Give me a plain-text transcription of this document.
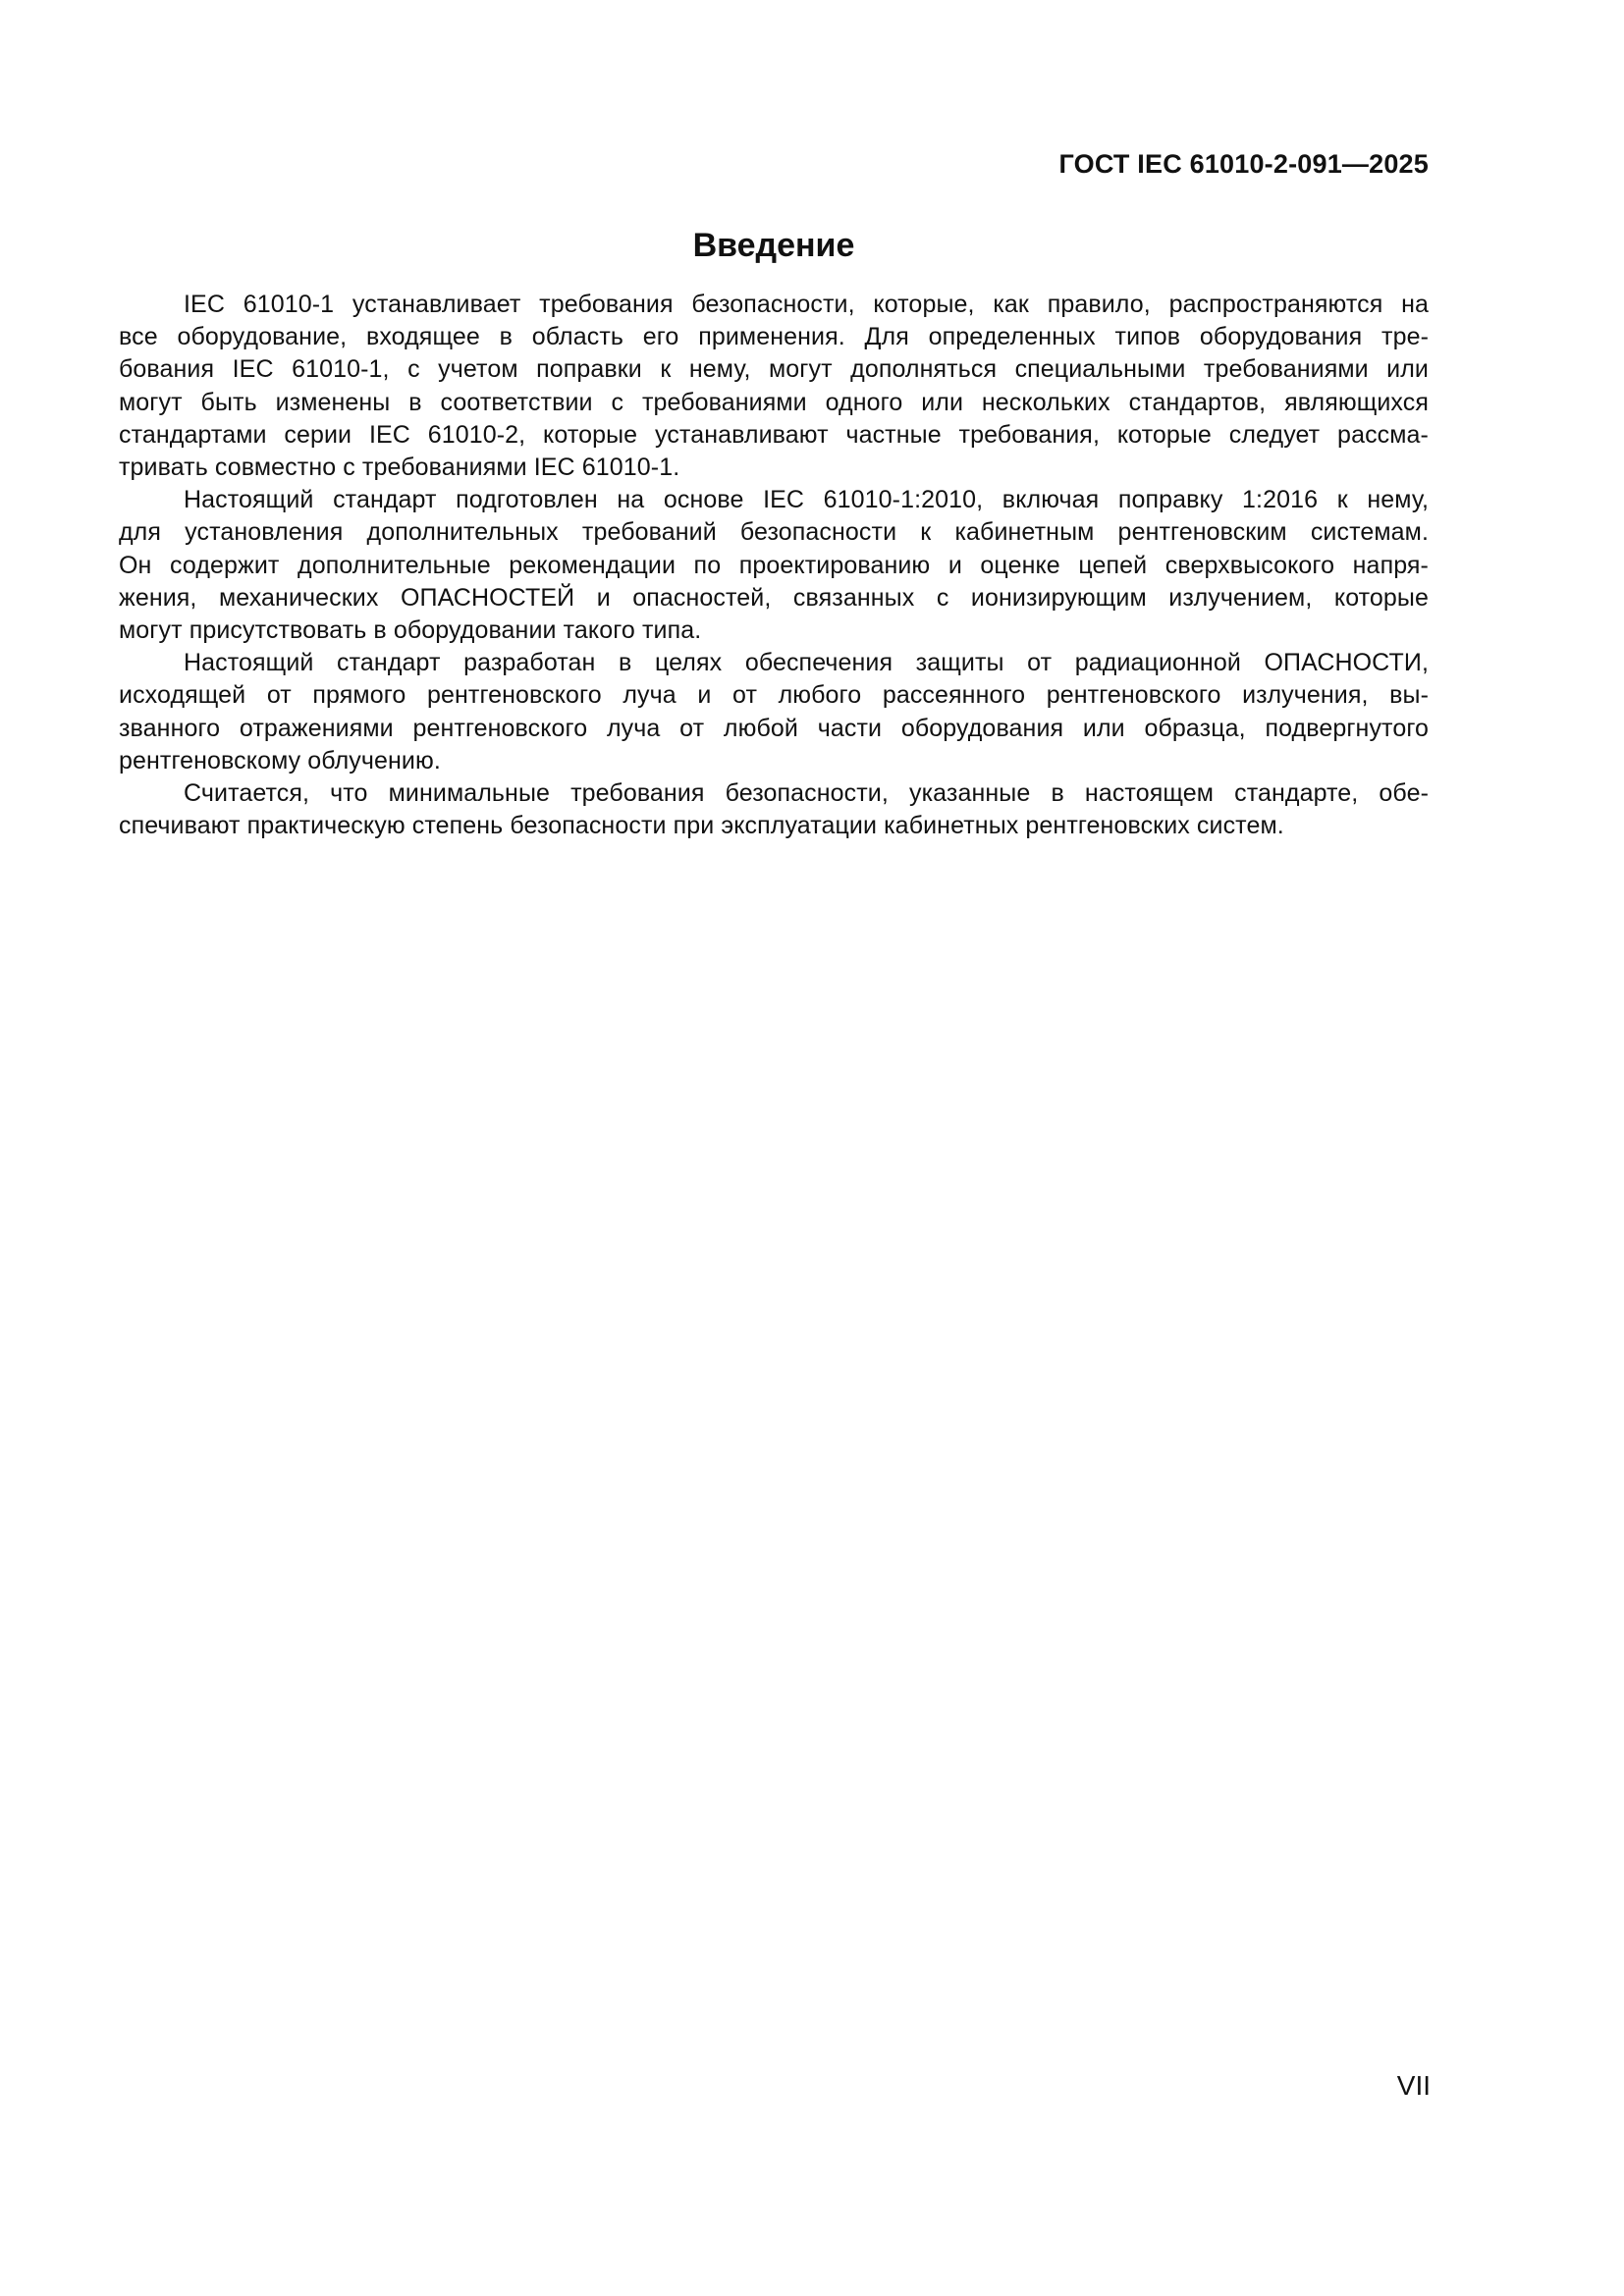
ГОСТ IEC 61010-2-091—2025
Введение
IEC 61010-1 устанавливает требования безопасности, которые, как правило, распространяются на
все оборудование, входящее в область его применения. Для определенных типов оборудования тре-
бования IEC 61010-1, с учетом поправки к нему, могут дополняться специальными требованиями или
могут быть изменены в соответствии с требованиями одного или нескольких стандартов, являющихся
стандартами серии IEC 61010-2, которые устанавливают частные требования, которые следует рассма-
тривать совместно с требованиями IEC 61010-1.
Настоящий стандарт подготовлен на основе IEC 61010-1:2010, включая поправку 1:2016 к нему,
для установления дополнительных требований безопасности к кабинетным рентгеновским системам.
Он содержит дополнительные рекомендации по проектированию и оценке цепей сверхвысокого напря-
жения, механических ОПАСНОСТЕЙ и опасностей, связанных с ионизирующим излучением, которые
могут присутствовать в оборудовании такого типа.
Настоящий стандарт разработан в целях обеспечения защиты от радиационной ОПАСНОСТИ,
исходящей от прямого рентгеновского луча и от любого рассеянного рентгеновского излучения, вы-
званного отражениями рентгеновского луча от любой части оборудования или образца, подвергнутого
рентгеновскому облучению.
Считается, что минимальные требования безопасности, указанные в настоящем стандарте, обе-
спечивают практическую степень безопасности при эксплуатации кабинетных рентгеновских систем.
VII
